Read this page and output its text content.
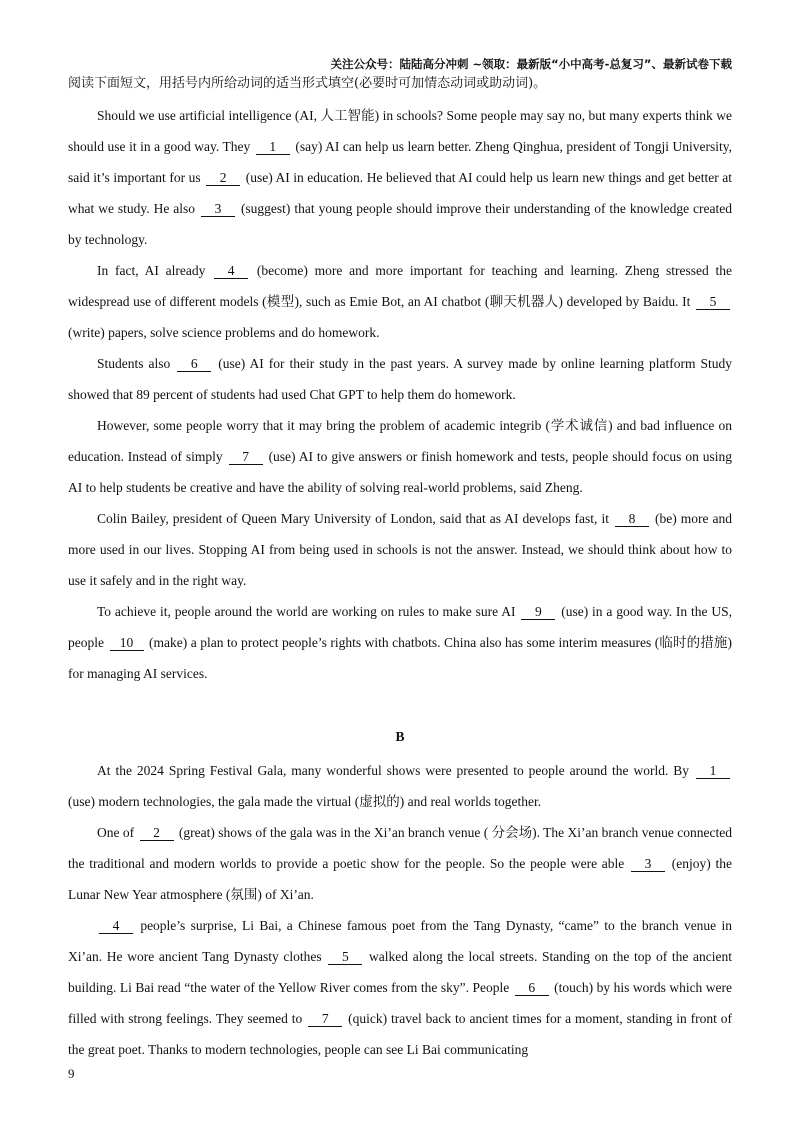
关注公众号：陆陆高分冲刺 ~领取：最新版“小中高考-总复习”、最新试卷下载
阅读下面短文，用括号内所给动词的适当形式填空(必要时可加情态动词或助动词)。

Should we use artificial intelligence (AI, 人工智能) in schools? Some people may say no, but many experts think we should use it in a good way. They 1 (say) AI can help us learn better. Zheng Qinghua, president of Tongji University, said it’s important for us 2 (use) AI in education. He believed that AI could help us learn new things and get better at what we study. He also 3 (suggest) that young people should improve their understanding of the knowledge created by technology.

In fact, AI already 4 (become) more and more important for teaching and learning. Zheng stressed the widespread use of different models (模型), such as Emie Bot, an AI chatbot (聊天机器人) developed by Baidu. It 5 (write) papers, solve science problems and do homework.

Students also 6 (use) AI for their study in the past years. A survey made by online learning platform Study showed that 89 percent of students had used Chat GPT to help them do homework.

However, some people worry that it may bring the problem of academic integrib (学术诚信) and bad influence on education. Instead of simply 7 (use) AI to give answers or finish homework and tests, people should focus on using AI to help students be creative and have the ability of solving real-world problems, said Zheng.

Colin Bailey, president of Queen Mary University of London, said that as AI develops fast, it 8 (be) more and more used in our lives. Stopping AI from being used in schools is not the answer. Instead, we should think about how to use it safely and in the right way.

To achieve it, people around the world are working on rules to make sure AI 9 (use) in a good way. In the US, people 10 (make) a plan to protect people’s rights with chatbots. China also has some interim measures (临时的措施) for managing AI services.

B

At the 2024 Spring Festival Gala, many wonderful shows were presented to people around the world. By 1 (use) modern technologies, the gala made the virtual (虚拟的) and real worlds together.

One of 2 (great) shows of the gala was in the Xi’an branch venue ( 分会场). The Xi’an branch venue connected the traditional and modern worlds to provide a poetic show for the people. So the people were able 3 (enjoy) the Lunar New Year atmosphere (氛围) of Xi’an.

4 people’s surprise, Li Bai, a Chinese famous poet from the Tang Dynasty, “came” to the branch venue in Xi’an. He wore ancient Tang Dynasty clothes 5 walked along the local streets. Standing on the top of the ancient building. Li Bai read “the water of the Yellow River comes from the sky”. People 6 (touch) by his words which were filled with strong feelings. They seemed to 7 (quick) travel back to ancient times for a moment, standing in front of the great poet. Thanks to modern technologies, people can see Li Bai communicating

9
